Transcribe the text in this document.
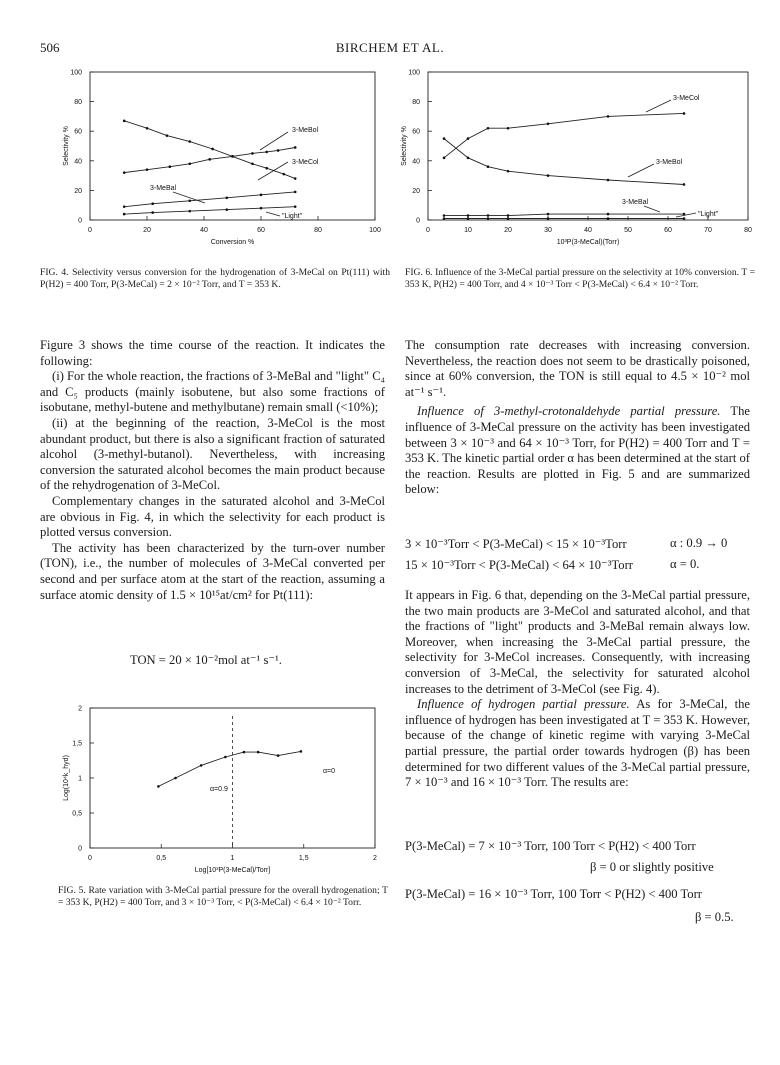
506	BIRCHEM ET AL.
0	20	40	60	80	100
0
20
40
60
80
100
Conversion %
Selectivity %	3-MeBol
3-MeCol
3-MeBal
"Light"
FIG. 4. Selectivity versus conversion for the hydrogenation of 3-MeCal on Pt(111) with P(H2) = 400 Torr, P(3-MeCal) = 2 × 10⁻² Torr, and T = 353 K.
0	10	20	30	40	50	60	70	80
0
20
40
60
80
100
10³P(3-MeCal)(Torr)
Selectivity %
3-MeCol
3-MeBol
3-MeBal
"Light"
FIG. 6. Influence of the 3-MeCal partial pressure on the selectivity at 10% conversion. T = 353 K, P(H2) = 400 Torr, and 4 × 10⁻³ Torr < P(3-MeCal) < 6.4 × 10⁻² Torr.

Figure 3 shows the time course of the reaction. It indicates the following:

(i) For the whole reaction, the fractions of 3-MeBal and "light" C₄ and C₅ products (mainly isobutene, but also some fractions of isobutane, methyl-butene and methylbutane) remain small (<10%);

(ii) at the beginning of the reaction, 3-MeCol is the most abundant product, but there is also a significant fraction of saturated alcohol (3-methyl-butanol). Nevertheless, with increasing conversion the saturated alcohol becomes the main product because of the rehydrogenation of 3-MeCol.

Complementary changes in the saturated alcohol and 3-MeCol are obvious in Fig. 4, in which the selectivity for each product is plotted versus conversion.

The activity has been characterized by the turn-over number (TON), i.e., the number of molecules of 3-MeCal converted per second and per surface atom at the start of the reaction, assuming a surface atomic density of 1.5 × 10¹⁵at/cm² for Pt(111):

TON = 20 × 10⁻²mol at⁻¹ s⁻¹.
0	0,5	1	1,5	2
0
0,5
1
1,5
2
Log[10³P(3-MeCal)/Torr]
Log(10⁴k_hyd)	α=0.9
α=0
FIG. 5. Rate variation with 3-MeCal partial pressure for the overall hydrogenation; T = 353 K, P(H2) = 400 Torr, and 3 × 10⁻³ Torr, < P(3-MeCal) < 6.4 × 10⁻² Torr.

The consumption rate decreases with increasing conversion. Nevertheless, the reaction does not seem to be drastically poisoned, since at 60% conversion, the TON is still equal to 4.5 × 10⁻² mol at⁻¹ s⁻¹.

Influence of 3-methyl-crotonaldehyde partial pressure. The influence of 3-MeCal pressure on the activity has been investigated between 3 × 10⁻³ and 64 × 10⁻³ Torr, for P(H2) = 400 Torr and T = 353 K. The kinetic partial order α has been determined at the start of the reaction. Results are plotted in Fig. 5 and are summarized below:

3 × 10⁻³Torr < P(3-MeCal) < 15 × 10⁻³Torr	α : 0.9 → 0
15 × 10⁻³Torr < P(3-MeCal) < 64 × 10⁻³Torr	α = 0.

It appears in Fig. 6 that, depending on the 3-MeCal partial pressure, the two main products are 3-MeCol and saturated alcohol, and that the fractions of "light" products and 3-MeBal remain always low. Moreover, when increasing the 3-MeCal partial pressure, the selectivity for 3-MeCol increases. Consequently, with increasing conversion of 3-MeCal, the selectivity for saturated alcohol increases to the detriment of 3-MeCol (see Fig. 4).

Influence of hydrogen partial pressure. As for 3-MeCal, the influence of hydrogen has been investigated at T = 353 K. However, because of the change of kinetic regime with varying 3-MeCal partial pressure, the partial order towards hydrogen (β) has been determined for two different values of the 3-MeCal partial pressure, 7 × 10⁻³ and 16 × 10⁻³ Torr. The results are:

P(3-MeCal) = 7 × 10⁻³ Torr, 100 Torr < P(H2) < 400 Torr
β = 0 or slightly positive
P(3-MeCal) = 16 × 10⁻³ Torr, 100 Torr < P(H2) < 400 Torr
β = 0.5.
